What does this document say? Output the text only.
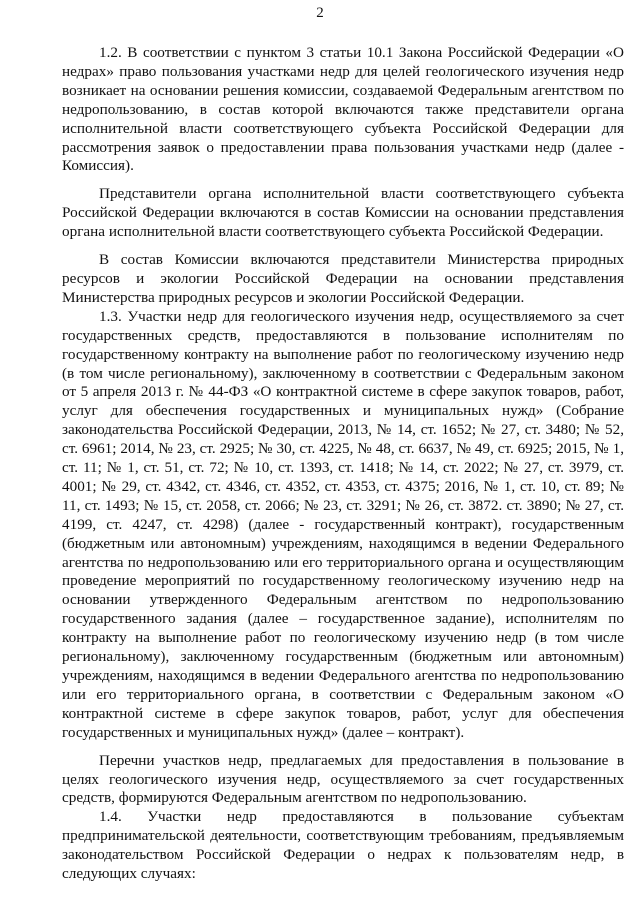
2

1.2. В соответствии с пунктом 3 статьи 10.1 Закона Российской Федерации «О недрах» право пользования участками недр для целей геологического изучения недр возникает на основании решения комиссии, создаваемой Федеральным агентством по недропользованию, в состав которой включаются также представители органа исполнительной власти соответствующего субъекта Российской Федерации для рассмотрения заявок о предоставлении права пользования участками недр (далее - Комиссия).

Представители органа исполнительной власти соответствующего субъекта Российской Федерации включаются в состав Комиссии на основании представления органа исполнительной власти соответствующего субъекта Российской Федерации.

В состав Комиссии включаются представители Министерства природных ресурсов и экологии Российской Федерации на основании представления Министерства природных ресурсов и экологии Российской Федерации.

1.3. Участки недр для геологического изучения недр, осуществляемого за счет государственных средств, предоставляются в пользование исполнителям по государственному контракту на выполнение работ по геологическому изучению недр (в том числе региональному), заключенному в соответствии с Федеральным законом от 5 апреля 2013 г. № 44-ФЗ «О контрактной системе в сфере закупок товаров, работ, услуг для обеспечения государственных и муниципальных нужд» (Собрание законодательства Российской Федерации, 2013, № 14, ст. 1652; № 27, ст. 3480; № 52, ст. 6961; 2014, № 23, ст. 2925; № 30, ст. 4225, № 48, ст. 6637, № 49, ст. 6925; 2015, № 1, ст. 11; № 1, ст. 51, ст. 72; № 10, ст. 1393, ст. 1418; № 14, ст. 2022; № 27, ст. 3979, ст. 4001; № 29, ст. 4342, ст. 4346, ст. 4352, ст. 4353, ст. 4375; 2016, № 1, ст. 10, ст. 89; № 11, ст. 1493; № 15, ст. 2058, ст. 2066; № 23, ст. 3291; № 26, ст. 3872. ст. 3890; № 27, ст. 4199, ст. 4247, ст. 4298) (далее - государственный контракт), государственным (бюджетным или автономным) учреждениям, находящимся в ведении Федерального агентства по недропользованию или его территориального органа и осуществляющим проведение мероприятий по государственному геологическому изучению недр на основании утвержденного Федеральным агентством по недропользованию государственного задания (далее – государственное задание), исполнителям по контракту на выполнение работ по геологическому изучению недр (в том числе региональному), заключенному государственным (бюджетным или автономным) учреждениям, находящимся в ведении Федерального агентства по недропользованию или его территориального органа, в соответствии с Федеральным законом «О контрактной системе в сфере закупок товаров, работ, услуг для обеспечения государственных и муниципальных нужд» (далее – контракт).

Перечни участков недр, предлагаемых для предоставления в пользование в целях геологического изучения недр, осуществляемого за счет государственных средств, формируются Федеральным агентством по недропользованию.

1.4. Участки недр предоставляются в пользование субъектам предпринимательской деятельности, соответствующим требованиям, предъявляемым законодательством Российской Федерации о недрах к пользователям недр, в следующих случаях:
